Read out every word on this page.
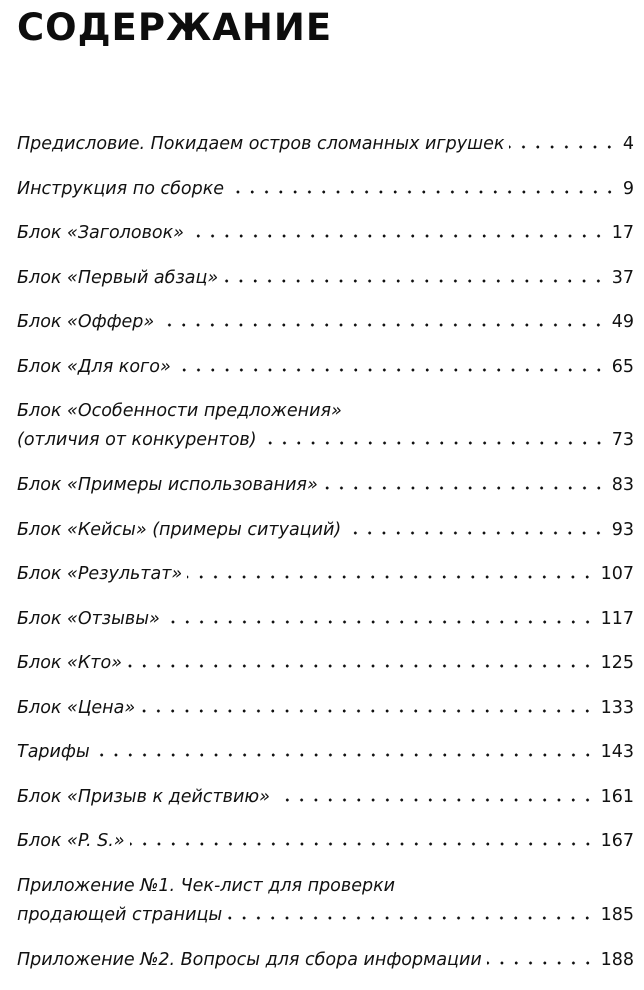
СОДЕРЖАНИЕ
Предисловие. Покидаем остров сломанных игрушек	4
Инструкция по сборке	9
Блок «Заголовок»	17
Блок «Первый абзац»	37
Блок «Оффер»	49
Блок «Для кого»	65
Блок «Особенности предложения»
(отличия от конкурентов)	73
Блок «Примеры использования»	83
Блок «Кейсы» (примеры ситуаций)	93
Блок «Результат»	107
Блок «Отзывы»	117
Блок «Кто»	125
Блок «Цена»	133
Тарифы	143
Блок «Призыв к действию»	161
Блок «P. S.»	167
Приложение №1. Чек-лист для проверки
продающей страницы	185
Приложение №2. Вопросы для сбора информации	188
